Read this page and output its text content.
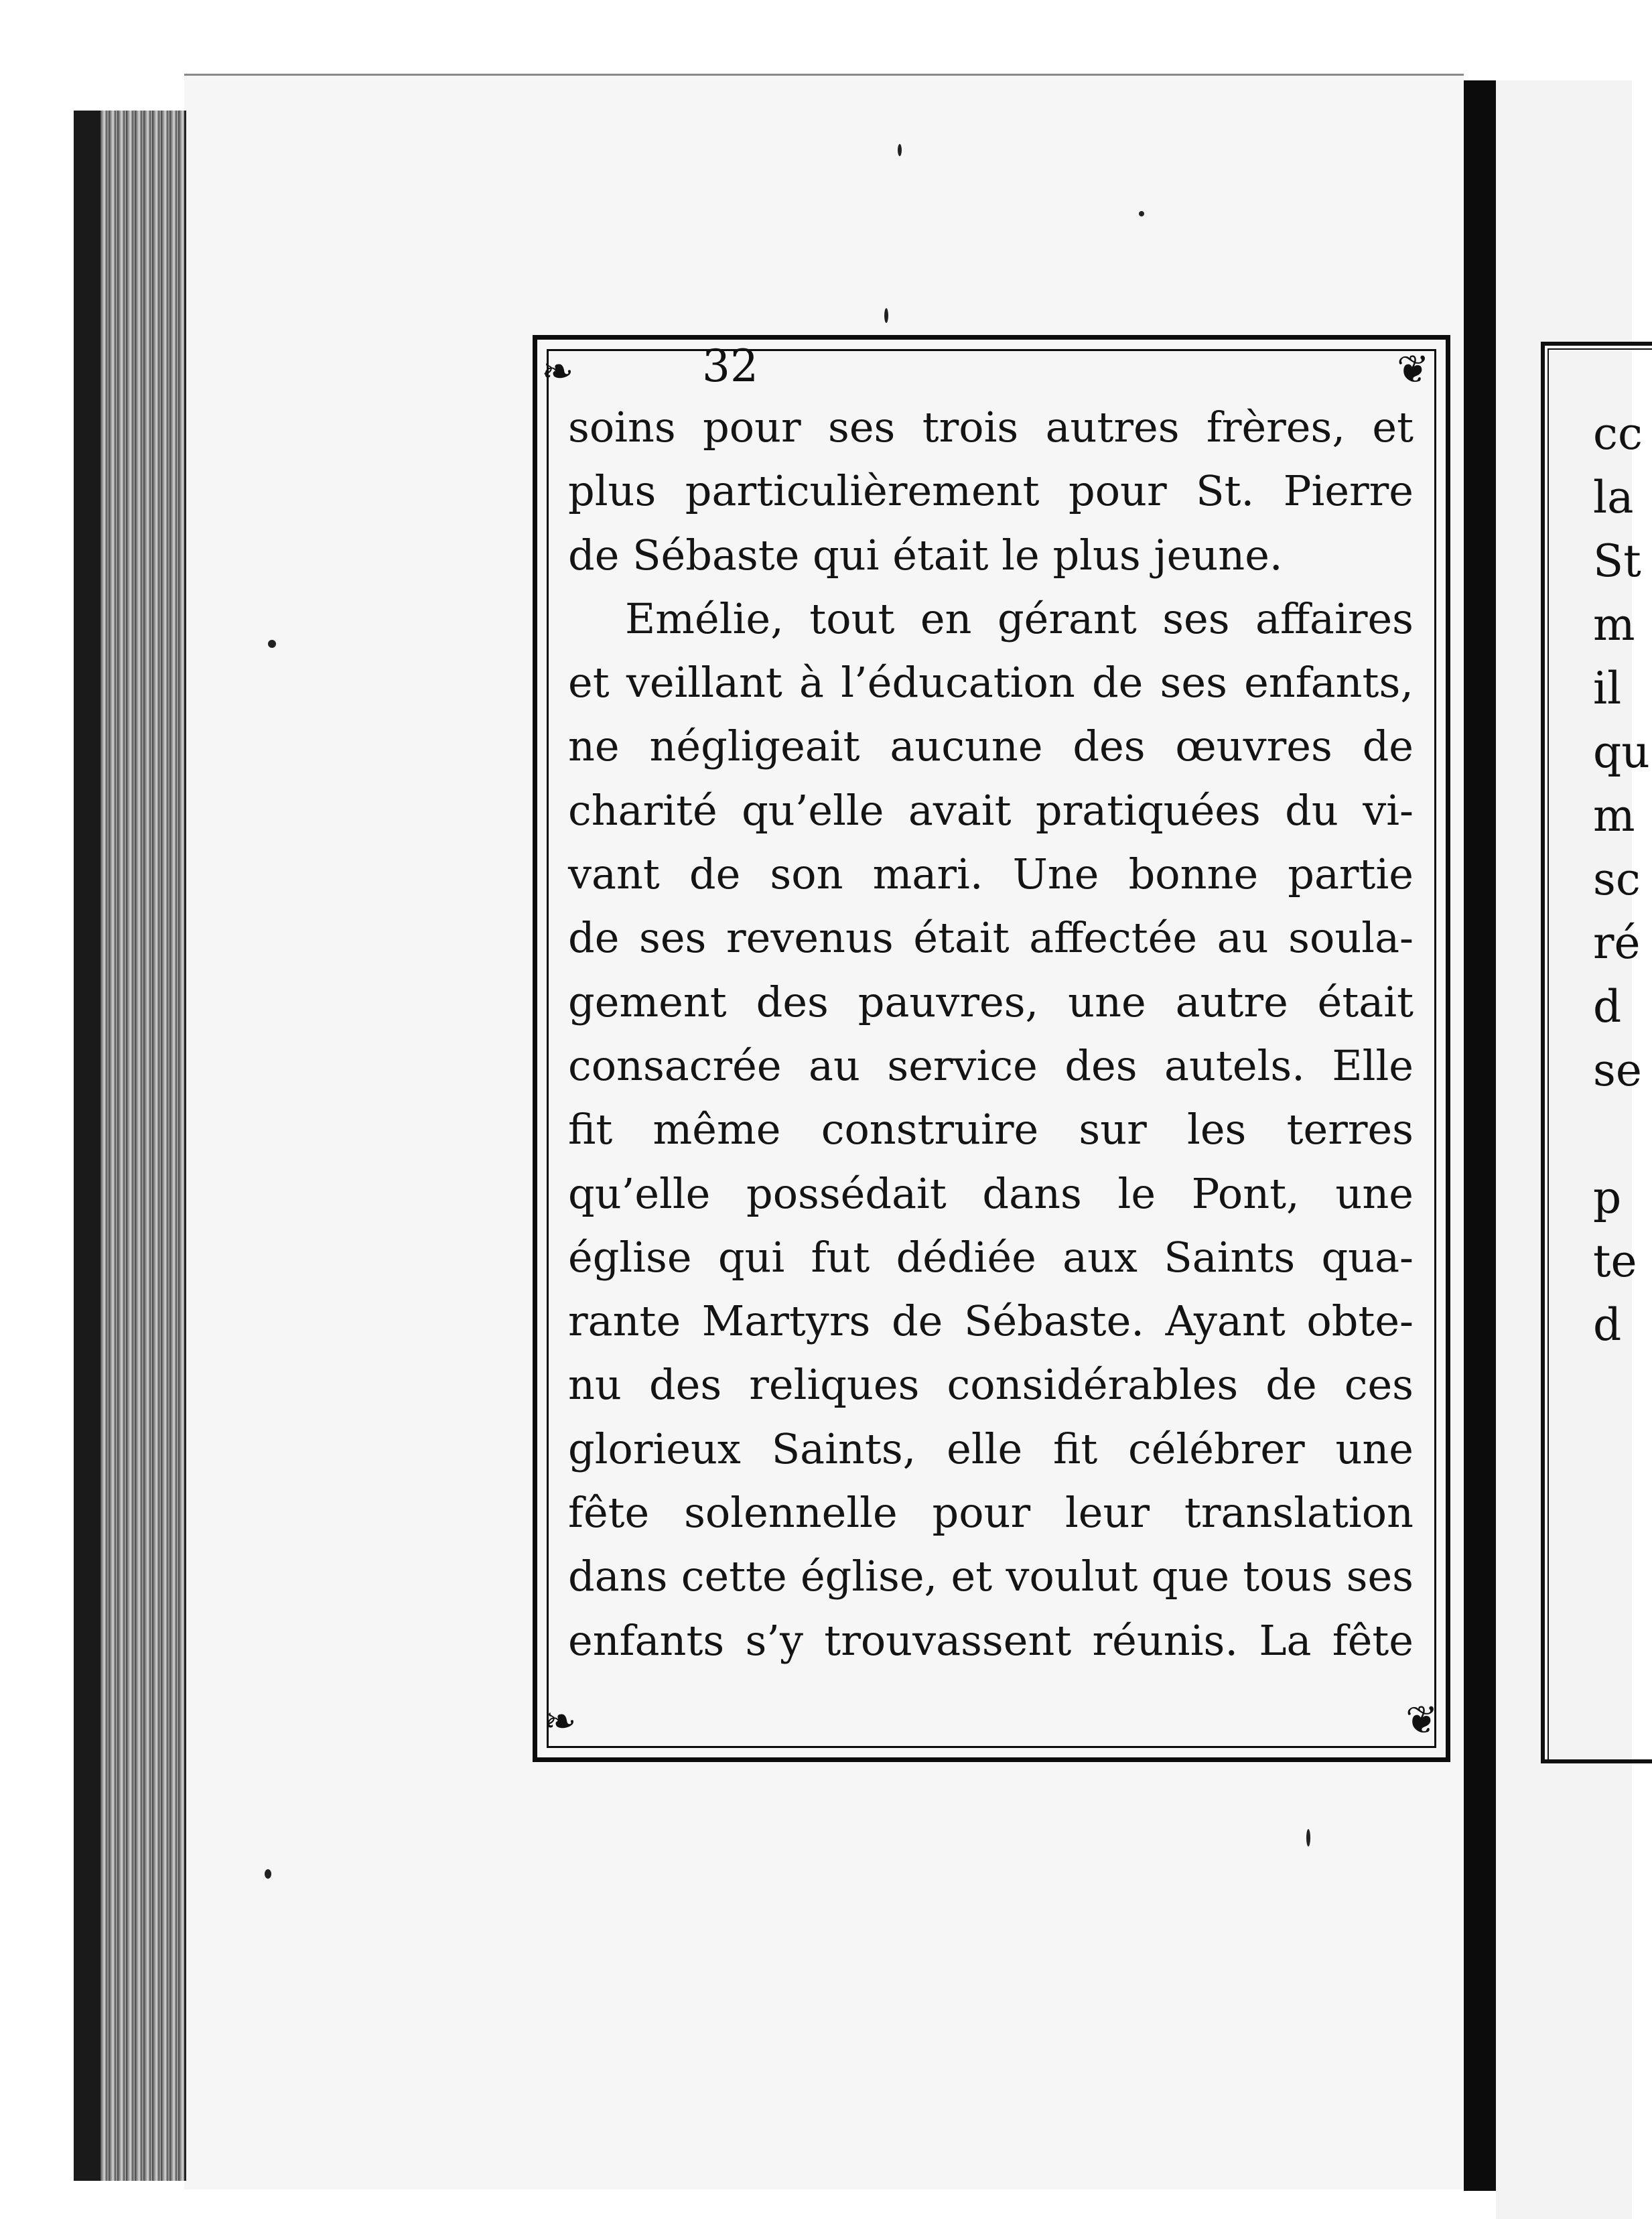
cc
la
St
m
il
qu
m
sc
ré
d
se

p
te
d
❧	❦
❧	❦
32
soins pour ses trois autres frères, et
plus particulièrement pour St. Pierre
de Sébaste qui était le plus jeune.
Emélie, tout en gérant ses affaires
et veillant à l’éducation de ses enfants,
ne négligeait aucune des œuvres de
charité qu’elle avait pratiquées du vi-
vant de son mari. Une bonne partie
de ses revenus était affectée au soula-
gement des pauvres, une autre était
consacrée au service des autels. Elle
fit même construire sur les terres
qu’elle possédait dans le Pont, une
église qui fut dédiée aux Saints qua-
rante Martyrs de Sébaste. Ayant obte-
nu des reliques considérables de ces
glorieux Saints, elle fit célébrer une
fête solennelle pour leur translation
dans cette église, et voulut que tous ses
enfants s’y trouvassent réunis. La fête
